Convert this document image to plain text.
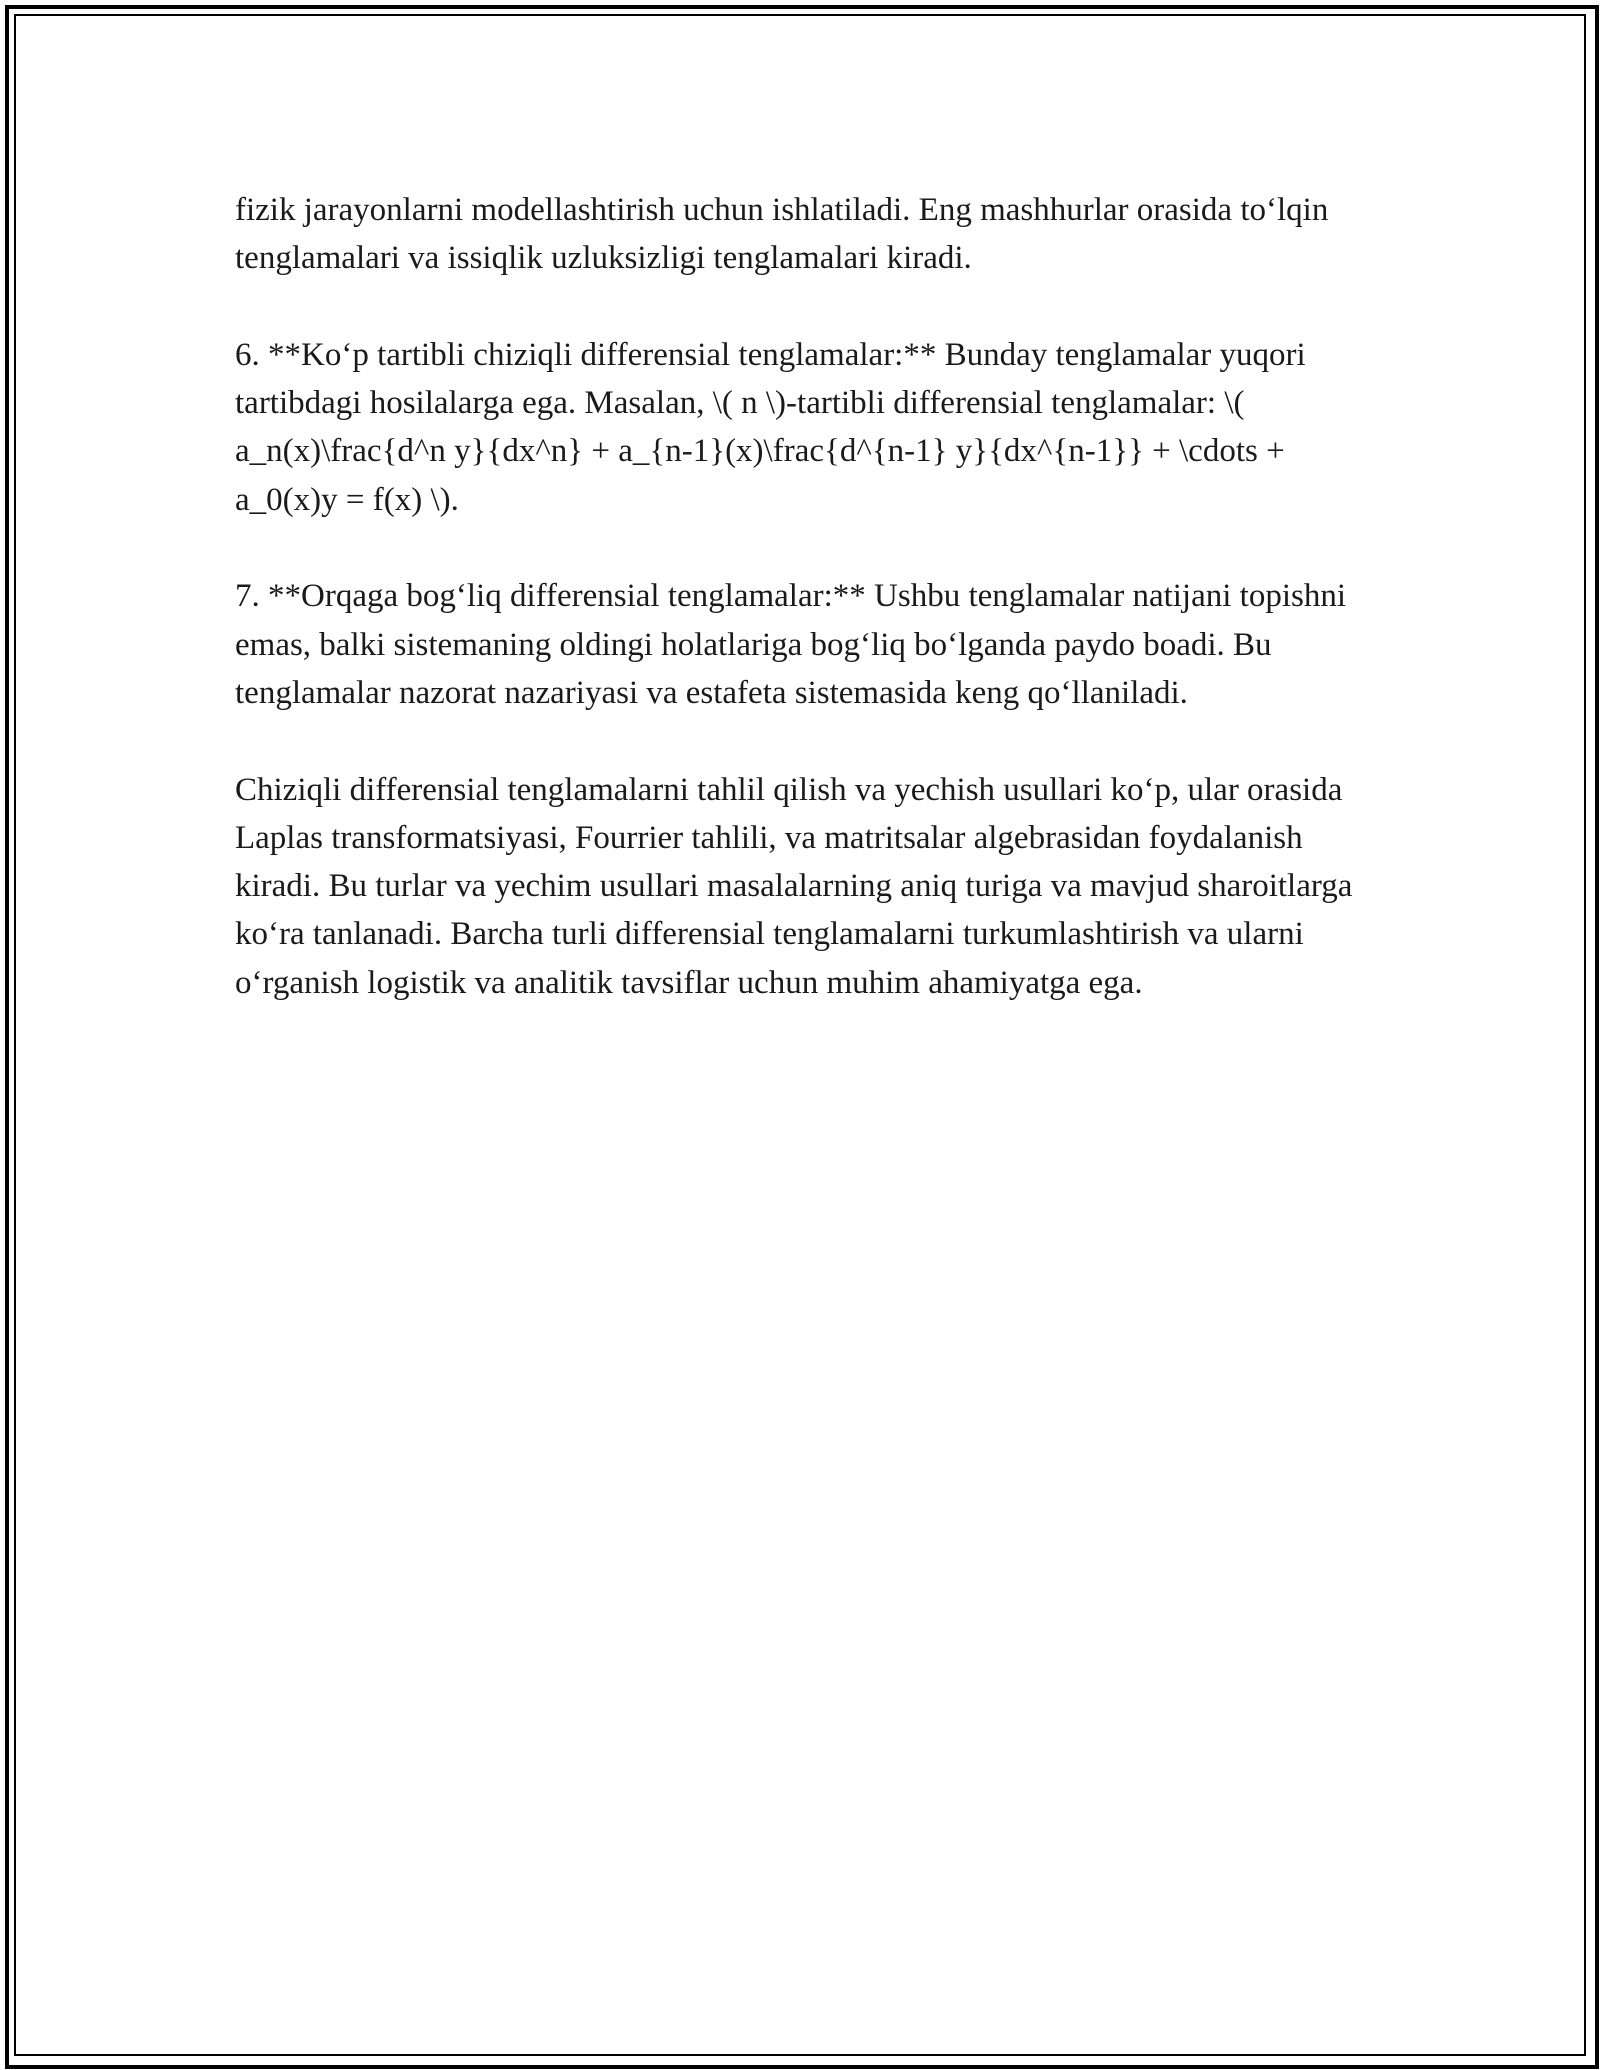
fizik jarayonlarni modellashtirish uchun ishlatiladi. Eng mashhurlar orasida to‘lqin tenglamalari va issiqlik uzluksizligi tenglamalari kiradi.

6. **Ko‘p tartibli chiziqli differensial tenglamalar:** Bunday tenglamalar yuqori tartibdagi hosilalarga ega. Masalan, \( n \)-tartibli differensial tenglamalar: \( a_n(x)\frac{d^n y}{dx^n} + a_{n-1}(x)\frac{d^{n-1} y}{dx^{n-1}} + \cdots + a_0(x)y = f(x) \).

7. **Orqaga bog‘liq differensial tenglamalar:** Ushbu tenglamalar natijani topishni emas, balki sistemaning oldingi holatlariga bog‘liq bo‘lganda paydo boadi. Bu tenglamalar nazorat nazariyasi va estafeta sistemasida keng qo‘llaniladi.

Chiziqli differensial tenglamalarni tahlil qilish va yechish usullari ko‘p, ular orasida Laplas transformatsiyasi, Fourrier tahlili, va matritsalar algebrasidan foydalanish kiradi. Bu turlar va yechim usullari masalalarning aniq turiga va mavjud sharoitlarga ko‘ra tanlanadi. Barcha turli differensial tenglamalarni turkumlashtirish va ularni o‘rganish logistik va analitik tavsiflar uchun muhim ahamiyatga ega.
